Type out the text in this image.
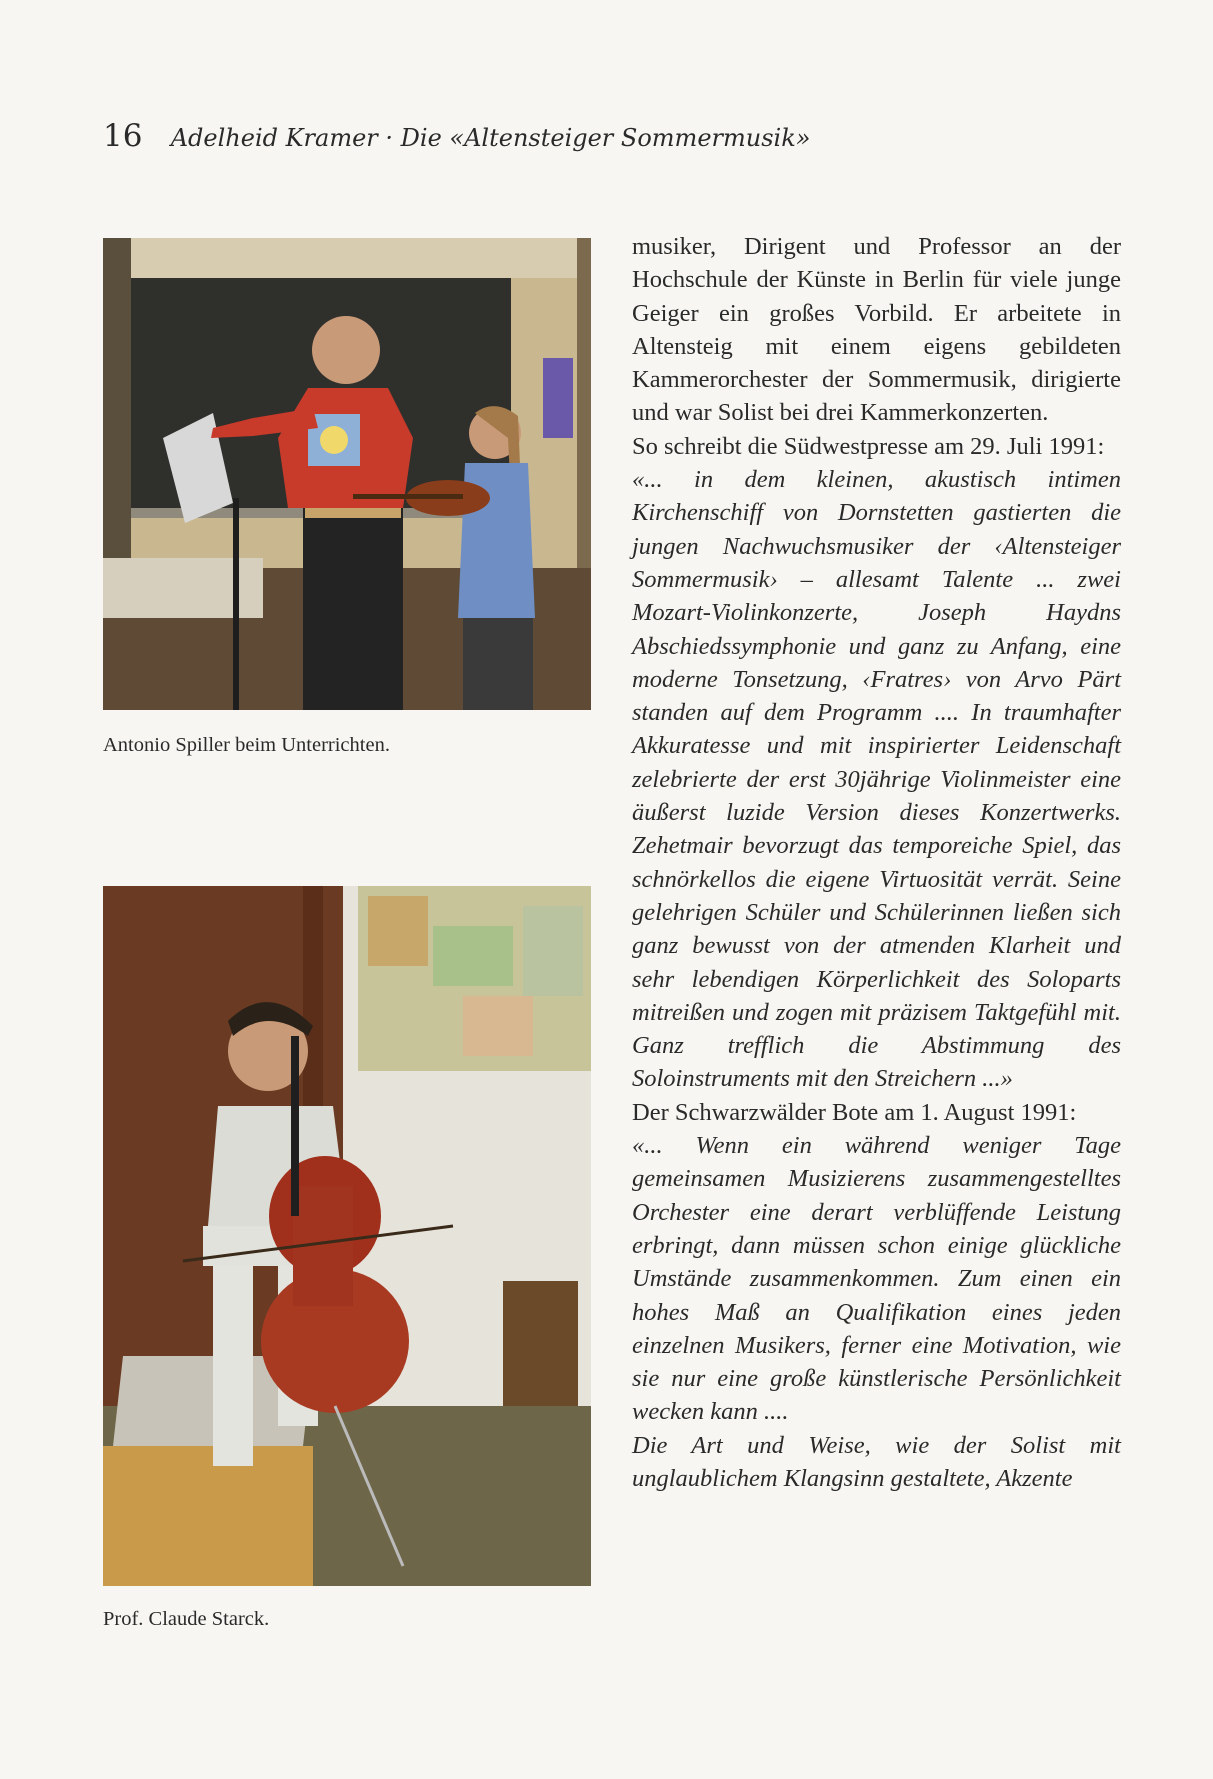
16 Adelheid Kramer · Die «Altensteiger Sommermusik»
Antonio Spiller beim Unterrichten.
Prof. Claude Starck.

musiker, Dirigent und Professor an der Hochschule der Künste in Berlin für viele junge Geiger ein großes Vorbild. Er arbeitete in Altensteig mit einem eigens gebildeten Kammerorchester der Sommermusik, dirigierte und war Solist bei drei Kammerkonzerten.

So schreibt die Südwestpresse am 29. Juli 1991:

«... in dem kleinen, akustisch intimen Kirchenschiff von Dornstetten gastierten die jungen Nachwuchsmusiker der ‹Altensteiger Sommermusik› – allesamt Talente ... zwei Mozart-Violinkonzerte, Joseph Haydns Abschiedssymphonie und ganz zu Anfang, eine moderne Tonsetzung, ‹Fratres› von Arvo Pärt standen auf dem Programm .... In traumhafter Akkuratesse und mit inspirierter Leidenschaft zelebrierte der erst 30jährige Violinmeister eine äußerst luzide Version dieses Konzertwerks. Zehetmair bevorzugt das temporeiche Spiel, das schnörkellos die eigene Virtuosität verrät. Seine gelehrigen Schüler und Schülerinnen ließen sich ganz bewusst von der atmenden Klarheit und sehr lebendigen Körperlichkeit des Soloparts mitreißen und zogen mit präzisem Taktgefühl mit. Ganz trefflich die Abstimmung des Soloinstruments mit den Streichern ...»

Der Schwarzwälder Bote am 1. August 1991:

«... Wenn ein während weniger Tage gemeinsamen Musizierens zusammengestelltes Orchester eine derart verblüffende Leistung erbringt, dann müssen schon einige glückliche Umstände zusammenkommen. Zum einen ein hohes Maß an Qualifikation eines jeden einzelnen Musikers, ferner eine Motivation, wie sie nur eine große künstlerische Persönlichkeit wecken kann ....

Die Art und Weise, wie der Solist mit unglaublichem Klangsinn gestaltete, Akzente
